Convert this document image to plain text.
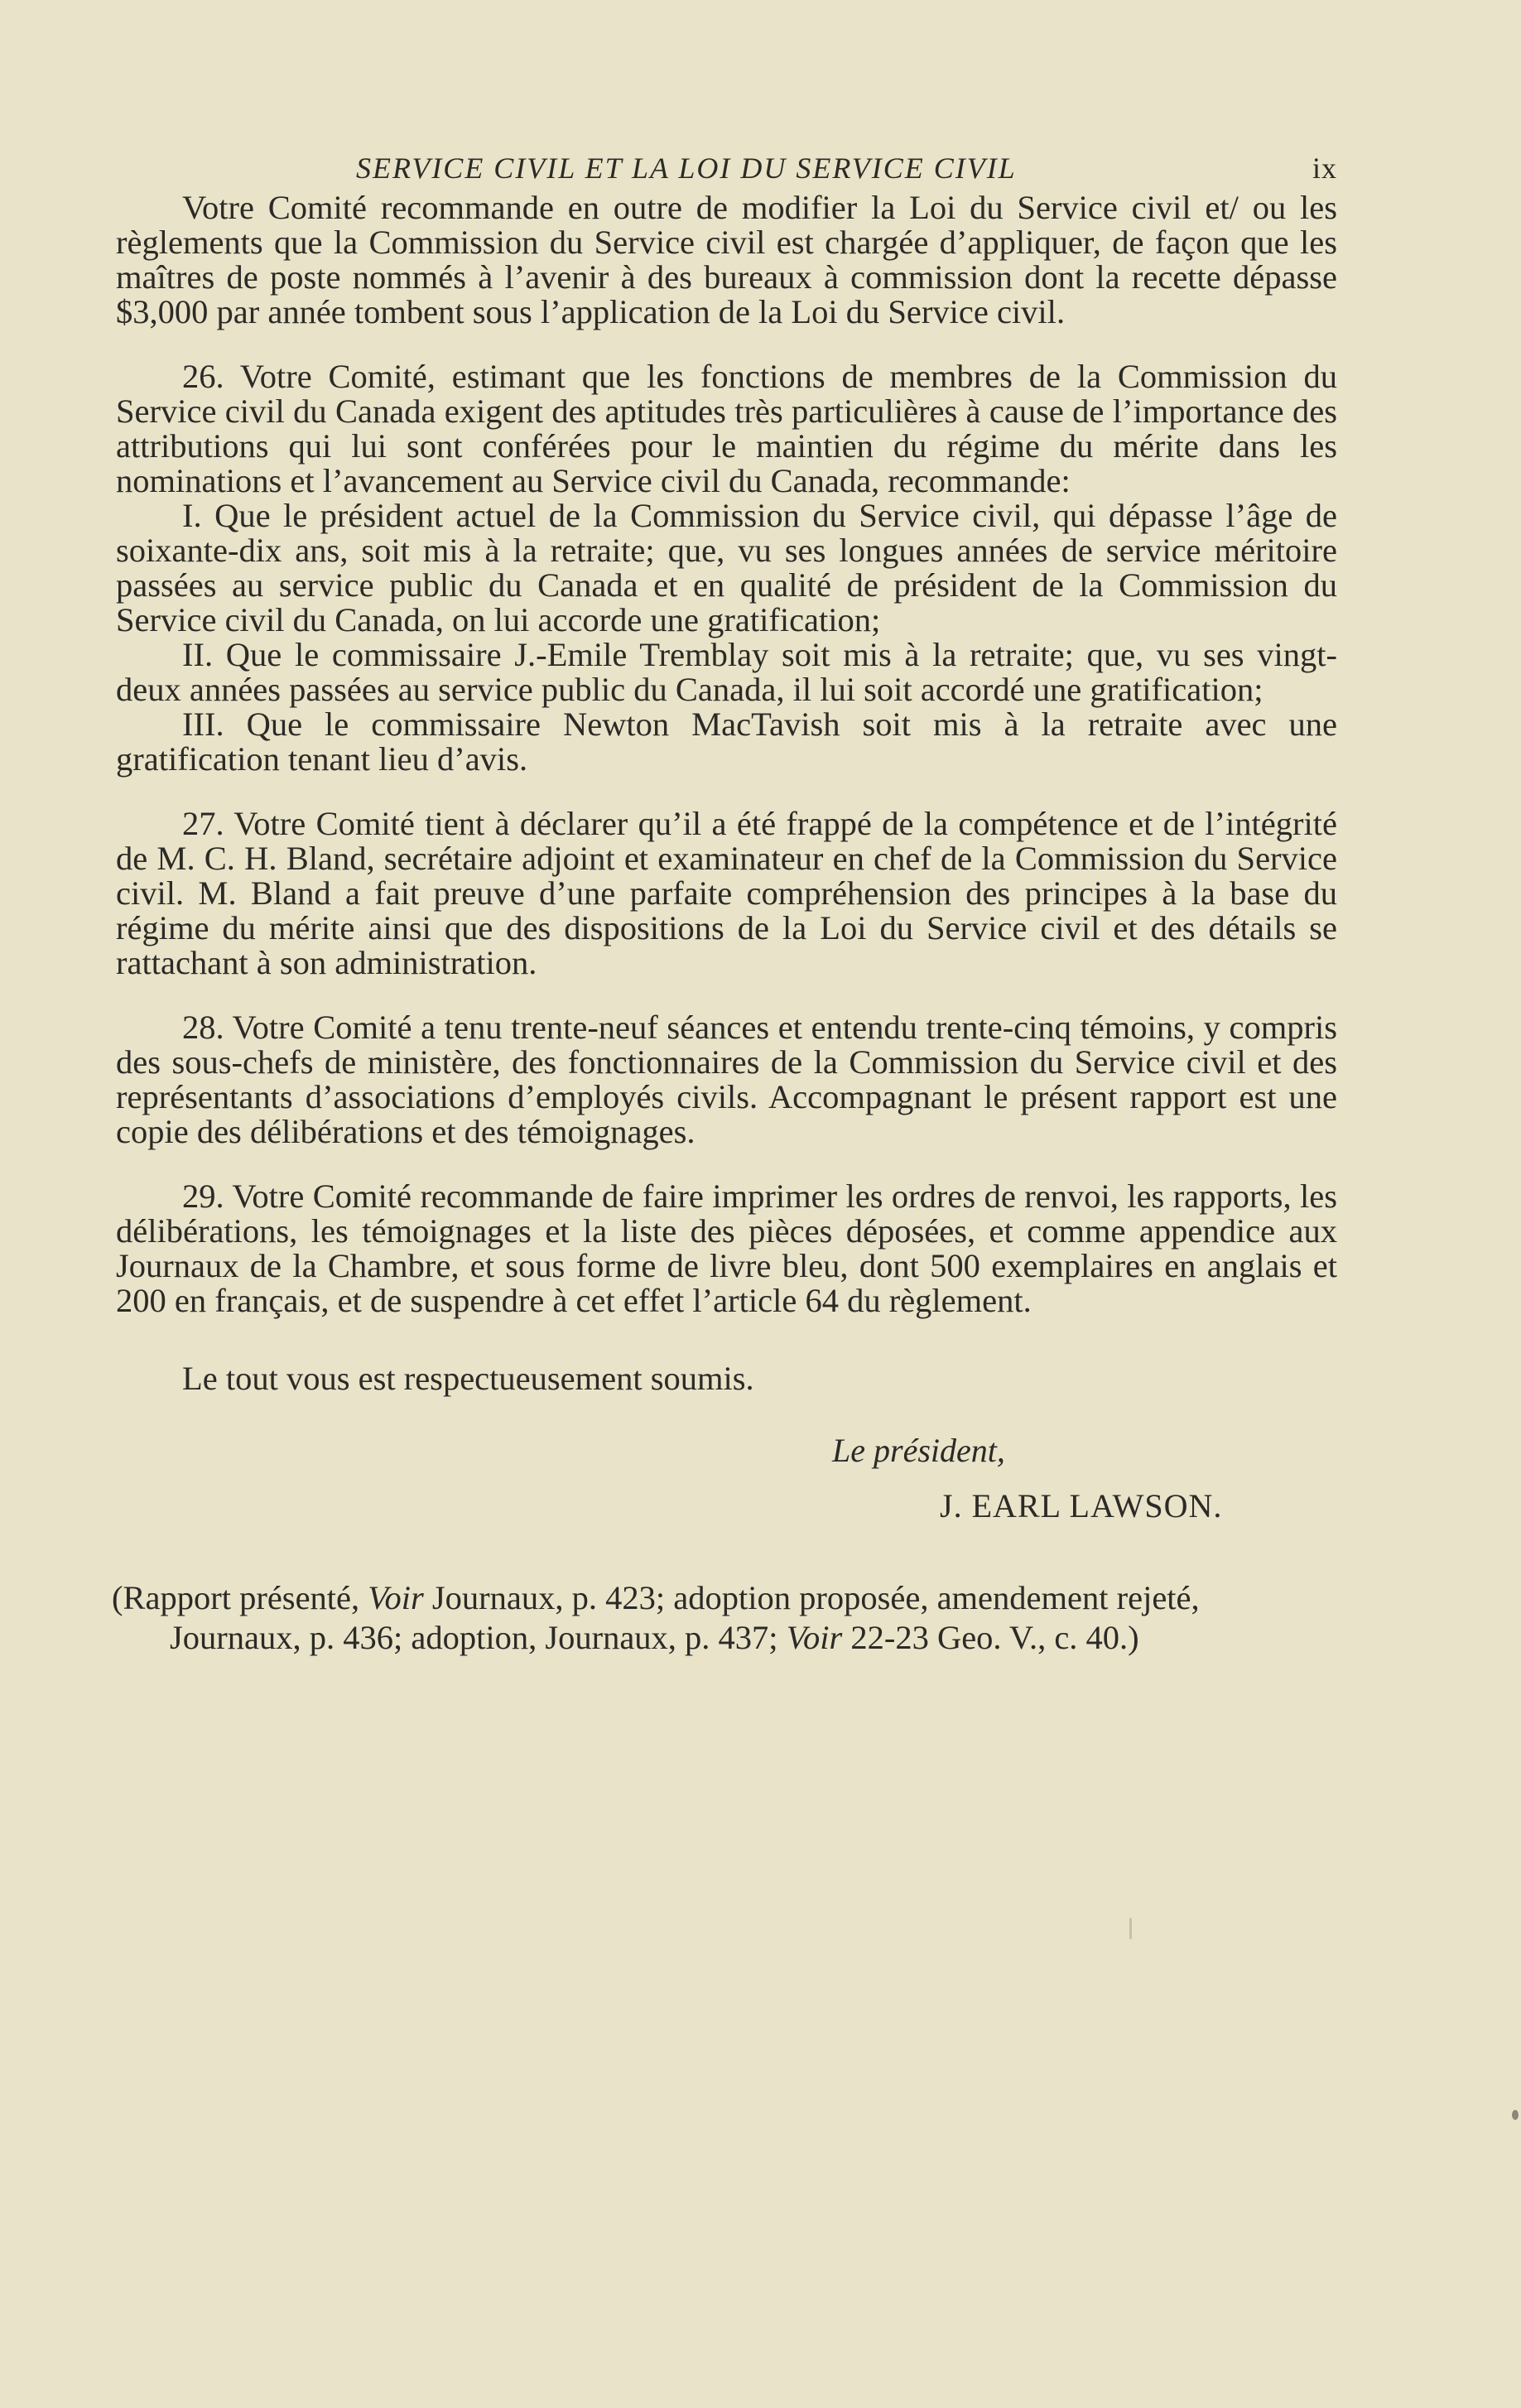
SERVICE CIVIL ET LA LOI DU SERVICE CIVIL	ix

Votre Comité recommande en outre de modifier la Loi du Service civil et/ ou les règlements que la Commission du Service civil est chargée d’appliquer, de façon que les maîtres de poste nommés à l’avenir à des bureaux à commission dont la recette dépasse $3,000 par année tombent sous l’application de la Loi du Service civil.

26. Votre Comité, estimant que les fonctions de membres de la Commission du Service civil du Canada exigent des aptitudes très particulières à cause de l’importance des attributions qui lui sont conférées pour le maintien du régime du mérite dans les nominations et l’avancement au Service civil du Canada, recommande:

I. Que le président actuel de la Commission du Service civil, qui dépasse l’âge de soixante-dix ans, soit mis à la retraite; que, vu ses longues années de service méritoire passées au service public du Canada et en qualité de président de la Commission du Service civil du Canada, on lui accorde une gratification;

II. Que le commissaire J.-Emile Tremblay soit mis à la retraite; que, vu ses vingt-deux années passées au service public du Canada, il lui soit accordé une gratification;

III. Que le commissaire Newton MacTavish soit mis à la retraite avec une gratification tenant lieu d’avis.

27. Votre Comité tient à déclarer qu’il a été frappé de la compétence et de l’intégrité de M. C. H. Bland, secrétaire adjoint et examinateur en chef de la Commission du Service civil. M. Bland a fait preuve d’une parfaite compréhension des principes à la base du régime du mérite ainsi que des dispositions de la Loi du Service civil et des détails se rattachant à son administration.

28. Votre Comité a tenu trente-neuf séances et entendu trente-cinq témoins, y compris des sous-chefs de ministère, des fonctionnaires de la Commission du Service civil et des représentants d’associations d’employés civils. Accompagnant le présent rapport est une copie des délibérations et des témoignages.

29. Votre Comité recommande de faire imprimer les ordres de renvoi, les rapports, les délibérations, les témoignages et la liste des pièces déposées, et comme appendice aux Journaux de la Chambre, et sous forme de livre bleu, dont 500 exemplaires en anglais et 200 en français, et de suspendre à cet effet l’article 64 du règlement.

Le tout vous est respectueusement soumis.

Le président,
J. EARL LAWSON.

(Rapport présenté, Voir Journaux, p. 423; adoption proposée, amendement rejeté, Journaux, p. 436; adoption, Journaux, p. 437; Voir 22-23 Geo. V., c. 40.)
